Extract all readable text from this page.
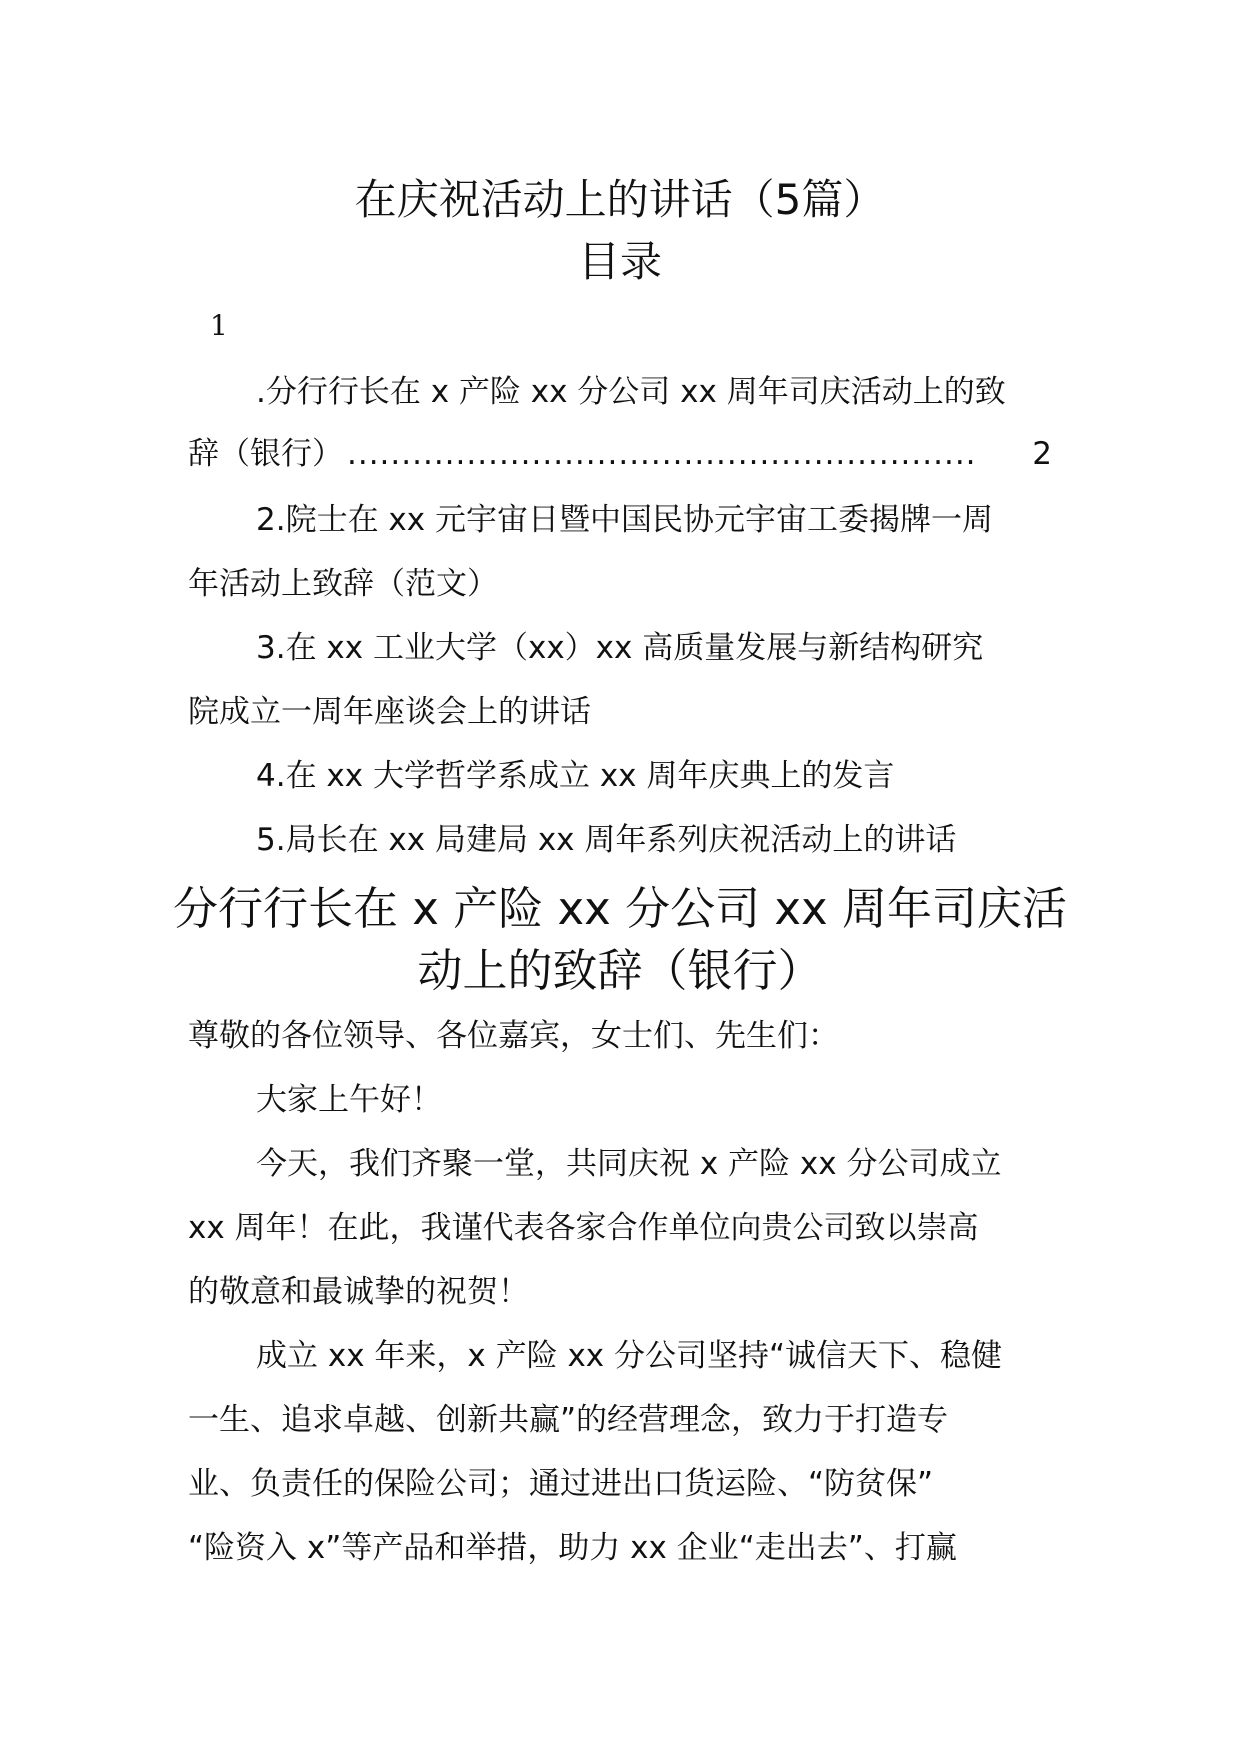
在庆祝活动上的讲话（5篇）
目录
1
.分行行长在 x 产险 xx 分公司 xx 周年司庆活动上的致
辞（银行） ..........................................................	2
2.院士在 xx 元宇宙日暨中国民协元宇宙工委揭牌一周
年活动上致辞（范文）
3.在 xx 工业大学（xx）xx 高质量发展与新结构研究
院成立一周年座谈会上的讲话
4.在 xx 大学哲学系成立 xx 周年庆典上的发言
5.局长在 xx 局建局 xx 周年系列庆祝活动上的讲话
分行行长在 x 产险 xx 分公司 xx 周年司庆活
动上的致辞（银行）
尊敬的各位领导、各位嘉宾，女士们、先生们：
大家上午好！
今天，我们齐聚一堂，共同庆祝 x 产险 xx 分公司成立
xx 周年！在此，我谨代表各家合作单位向贵公司致以崇高
的敬意和最诚挚的祝贺！
成立 xx 年来，x 产险 xx 分公司坚持“诚信天下、稳健
一生、追求卓越、创新共赢”的经营理念，致力于打造专
业、负责任的保险公司；通过进出口货运险、“防贫保”
“险资入 x”等产品和举措，助力 xx 企业“走出去”、打赢
